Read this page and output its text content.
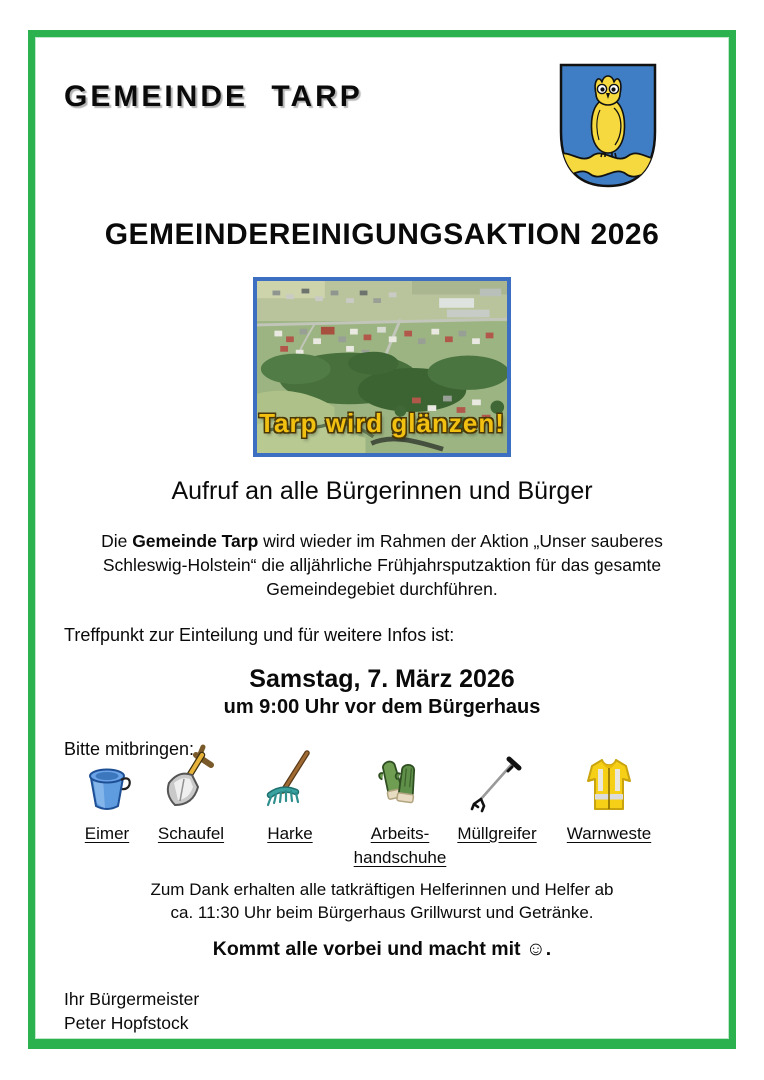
GEMEINDE TARP
GEMEINDEREINIGUNGSAKTION 2026
Tarp wird glänzen!
Aufruf an alle Bürgerinnen und Bürger
Die Gemeinde Tarp wird wieder im Rahmen der Aktion „Unser sauberes
Schleswig-Holstein“ die alljährliche Frühjahrsputzaktion für das gesamte
Gemeindegebiet durchführen.
Treffpunkt zur Einteilung und für weitere Infos ist:
Samstag, 7. März 2026
um 9:00 Uhr vor dem Bürgerhaus
Bitte mitbringen:
Eimer	Schaufel	Harke	Arbeits-
handschuhe
Müllgreifer	Warnweste
Zum Dank erhalten alle tatkräftigen Helferinnen und Helfer ab
ca. 11:30 Uhr beim Bürgerhaus Grillwurst und Getränke.
Kommt alle vorbei und macht mit ☺.
Ihr Bürgermeister
Peter Hopfstock
